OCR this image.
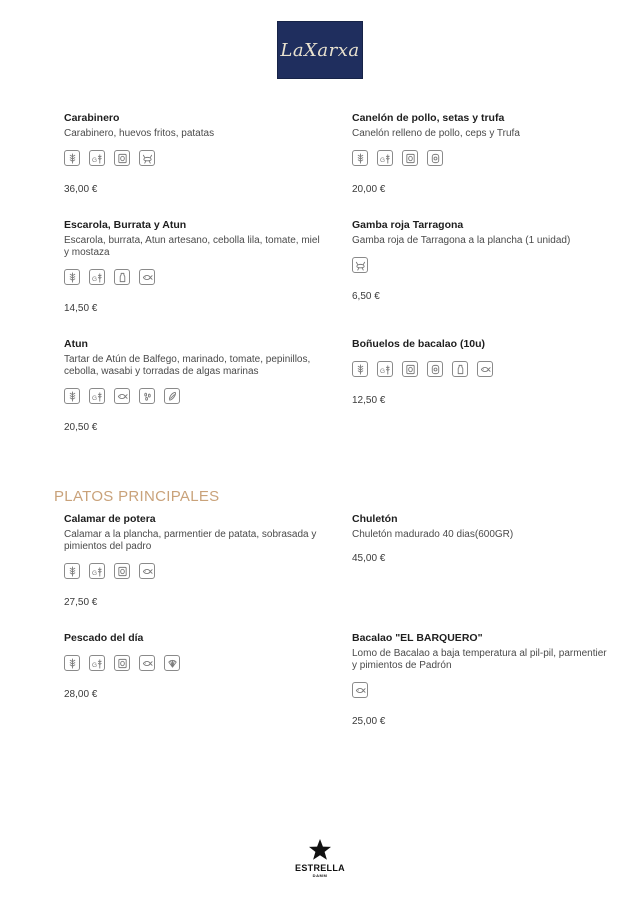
LaXarxa
Carabinero
Carabinero, huevos fritos, patatas
G
36,00 €
Canelón de pollo, setas y trufa
Canelón relleno de pollo, ceps y Trufa
G
20,00 €
Escarola, Burrata y Atun
Escarola, burrata, Atun artesano, cebolla lila, tomate, miel y mostaza
G
14,50 €
Gamba roja Tarragona
Gamba roja de Tarragona a la plancha (1 unidad)
6,50 €
Atun
Tartar de Atún de Balfego, marinado, tomate, pepinillos, cebolla, wasabi y torradas de algas marinas
G
20,50 €
Boñuelos de bacalao (10u)
G
12,50 €
PLATOS PRINCIPALES
Calamar de potera
Calamar a la plancha, parmentier de patata, sobrasada y pimientos del padro
G
27,50 €
Chuletón
Chuletón madurado 40 dias(600GR)
45,00 €
Pescado del día
G
28,00 €
Bacalao "EL BARQUERO"
Lomo de Bacalao a baja temperatura al pil-pil, parmentier y pimientos de Padrón
25,00 €
ESTRELLA
DAMM
